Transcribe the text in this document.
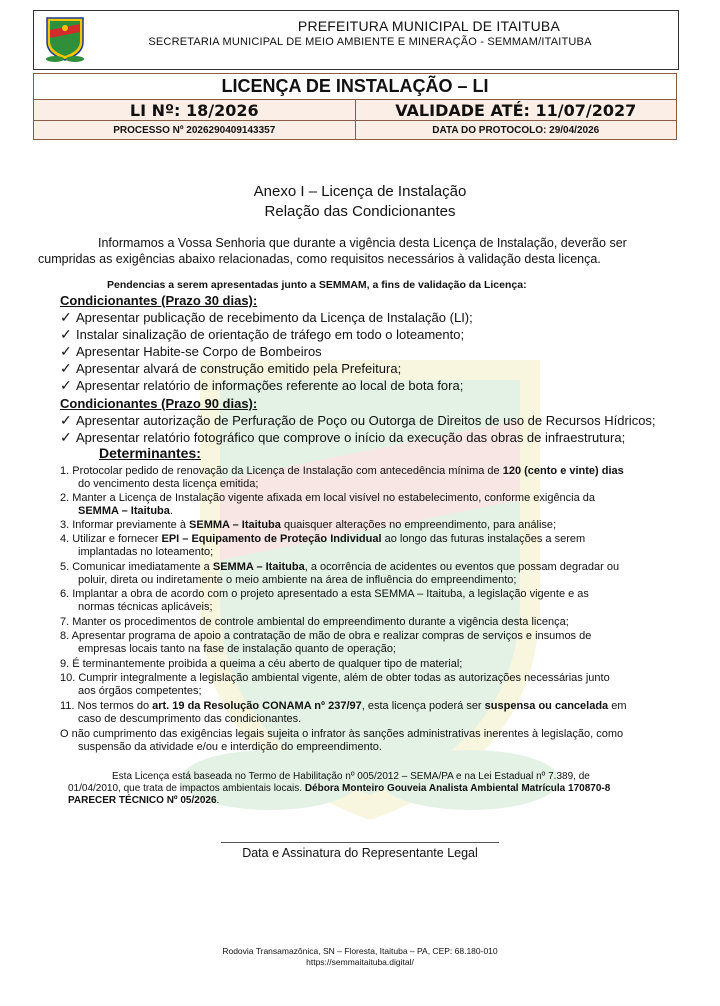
PREFEITURA MUNICIPAL DE ITAITUBA
SECRETARIA MUNICIPAL DE MEIO AMBIENTE E MINERAÇÃO - SEMMAM/ITAITUBA
LICENÇA DE INSTALAÇÃO – LI	
LI Nº: 18/2026	VALIDADE ATÉ: 11/07/2027
PROCESSO Nº 2026290409143357	DATA DO PROTOCOLO: 29/04/2026
Anexo I – Licença de Instalação
Relação das Condicionantes
Informamos a Vossa Senhoria que durante a vigência desta Licença de Instalação, deverão ser
cumpridas as exigências abaixo relacionadas, como requisitos necessários à validação desta licença.
Pendencias a serem apresentadas junto a SEMMAM, a fins de validação da Licença:
Condicionantes (Prazo 30 dias):
✓ Apresentar publicação de recebimento da Licença de Instalação (LI);
✓ Instalar sinalização de orientação de tráfego em todo o loteamento;
✓ Apresentar Habite-se Corpo de Bombeiros
✓ Apresentar alvará de construção emitido pela Prefeitura;
✓ Apresentar relatório de informações referente ao local de bota fora;
Condicionantes (Prazo 90 dias):
✓ Apresentar autorização de Perfuração de Poço ou Outorga de Direitos de uso de Recursos Hídricos;
✓ Apresentar relatório fotográfico que comprove o início da execução das obras de infraestrutura;
Determinantes:
1. Protocolar pedido de renovação da Licença de Instalação com antecedência mínima de 120 (cento e vinte) dias
do vencimento desta licença emitida;
2. Manter a Licença de Instalação vigente afixada em local visível no estabelecimento, conforme exigência da
SEMMA – Itaituba.
3. Informar previamente à SEMMA – Itaituba quaisquer alterações no empreendimento, para análise;
4. Utilizar e fornecer EPI – Equipamento de Proteção Individual ao longo das futuras instalações a serem
implantadas no loteamento;
5. Comunicar imediatamente a SEMMA – Itaituba, a ocorrência de acidentes ou eventos que possam degradar ou
poluir, direta ou indiretamente o meio ambiente na área de influência do empreendimento;
6. Implantar a obra de acordo com o projeto apresentado a esta SEMMA – Itaituba, a legislação vigente e as
normas técnicas aplicáveis;
7. Manter os procedimentos de controle ambiental do empreendimento durante a vigência desta licença;
8. Apresentar programa de apoio a contratação de mão de obra e realizar compras de serviços e insumos de
empresas locais tanto na fase de instalação quanto de operação;
9. É terminantemente proibida a queima a céu aberto de qualquer tipo de material;
10. Cumprir integralmente a legislação ambiental vigente, além de obter todas as autorizações necessárias junto
aos órgãos competentes;
11. Nos termos do art. 19 da Resolução CONAMA nº 237/97, esta licença poderá ser suspensa ou cancelada em
caso de descumprimento das condicionantes.
O não cumprimento das exigências legais sujeita o infrator às sanções administrativas inerentes à legislação, como
suspensão da atividade e/ou e interdição do empreendimento.
Esta Licença está baseada no Termo de Habilitação nº 005/2012 – SEMA/PA e na Lei Estadual nº 7.389, de
01/04/2010, que trata de impactos ambientais locais. Débora Monteiro Gouveia Analista Ambiental Matrícula 170870-8
PARECER TÉCNICO Nº 05/2026.
Data e Assinatura do Representante Legal
Rodovia Transamazônica, SN – Floresta, Itaituba – PA, CEP: 68.180-010
https://semmaitaituba.digital/
